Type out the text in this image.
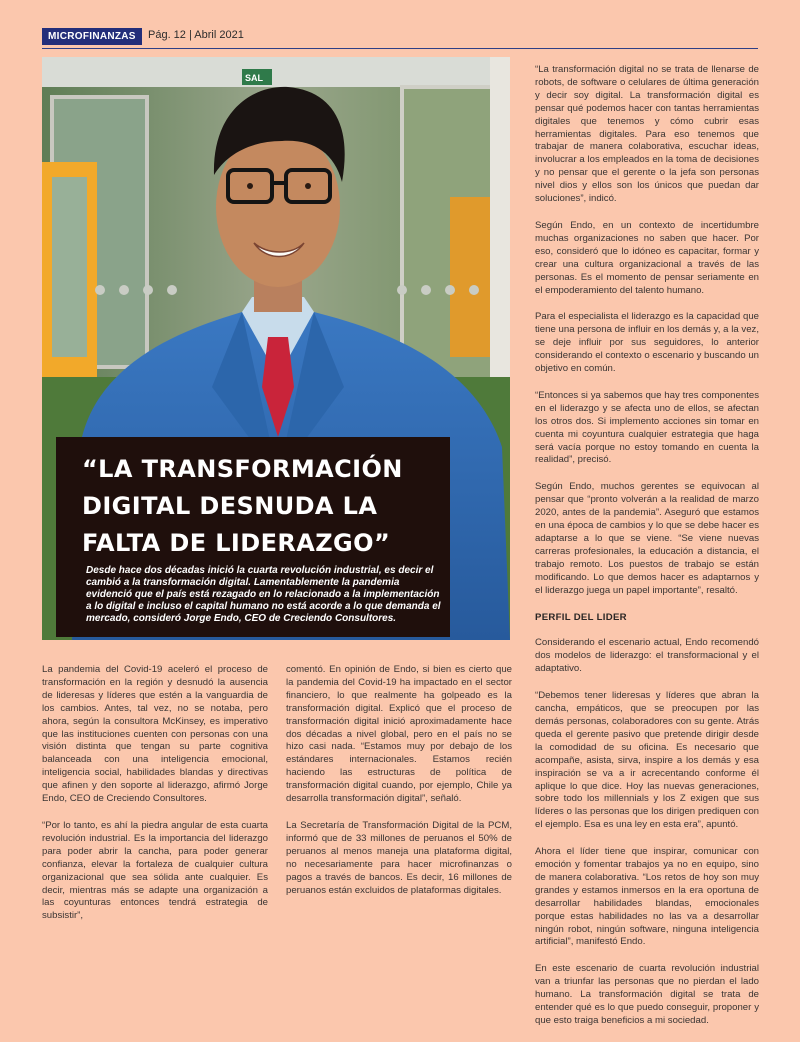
MICROFINANZAS	Pág. 12 | Abril 2021
SAL
“LA TRANSFORMACIÓN DIGITAL DESNUDA LA FALTA DE LIDERAZGO”

Desde hace dos décadas inició la cuarta revolución industrial, es decir el cambió a la transformación digital. Lamentablemente la pandemia evidenció que el país está rezagado en lo relacionado a la implementación a lo digital e incluso el capital humano no está acorde a lo que demanda el mercado, consideró Jorge Endo, CEO de Creciendo Consultores.

La pandemia del Covid-19 aceleró el proceso de transformación en la región y desnudó la ausencia de lideresas y líderes que estén a la vanguardia de los cambios. Antes, tal vez, no se notaba, pero ahora, según la consultora McKinsey, es imperativo que las instituciones cuenten con personas con una visión distinta que tengan su parte cognitiva balanceada con una inteligencia emocional, inteligencia social, habilidades blandas y directivas que afinen y den soporte al liderazgo, afirmó Jorge Endo, CEO de Creciendo Consultores.

“Por lo tanto, es ahí la piedra angular de esta cuarta revolución industrial. Es la importancia del liderazgo para poder abrir la cancha, para poder generar confianza, elevar la fortaleza de cualquier cultura organizacional que sea sólida ante cualquier. Es decir, mientras más se adapte una organización a las coyunturas entonces tendrá estrategia de subsistir”,

comentó. En opinión de Endo, si bien es cierto que la pandemia del Covid-19 ha impactado en el sector financiero, lo que realmente ha golpeado es la transformación digital. Explicó que el proceso de transformación digital inició aproximadamente hace dos décadas a nivel global, pero en el país no se hizo casi nada. “Estamos muy por debajo de los estándares internacionales. Estamos recién haciendo las estructuras de política de transformación digital cuando, por ejemplo, Chile ya desarrolla transformación digital”, señaló.

La Secretaría de Transformación Digital de la PCM, informó que de 33 millones de peruanos el 50% de peruanos al menos maneja una plataforma digital, no necesariamente para hacer microfinanzas o pagos a través de bancos. Es decir, 16 millones de peruanos están excluidos de plataformas digitales.

“La transformación digital no se trata de llenarse de robots, de software o celulares de última generación y decir soy digital. La transformación digital es pensar qué podemos hacer con tantas herramientas digitales que tenemos y cómo cubrir esas herramientas digitales. Para eso tenemos que trabajar de manera colaborativa, escuchar ideas, involucrar a los empleados en la toma de decisiones y no pensar que el gerente o la jefa son personas nivel dios y ellos son los únicos que puedan dar soluciones”, indicó.

Según Endo, en un contexto de incertidumbre muchas organizaciones no saben que hacer. Por eso, consideró que lo idóneo es capacitar, formar y crear una cultura organizacional a través de las personas. Es el momento de pensar seriamente en el empoderamiento del talento humano.

Para el especialista el liderazgo es la capacidad que tiene una persona de influir en los demás y, a la vez, se deje influir por sus seguidores, lo anterior considerando el contexto o escenario y buscando un objetivo en común.

“Entonces si ya sabemos que hay tres componentes en el liderazgo y se afecta uno de ellos, se afectan los otros dos. Si implemento acciones sin tomar en cuenta mi coyuntura cualquier estrategia que haga será vacía porque no estoy tomando en cuenta la realidad”, precisó.

Según Endo, muchos gerentes se equivocan al pensar que “pronto volverán a la realidad de marzo 2020, antes de la pandemia”. Aseguró que estamos en una época de cambios y lo que se debe hacer es adaptarse a lo que se viene. “Se viene nuevas carreras profesionales, la educación a distancia, el trabajo remoto. Los puestos de trabajo se están modificando. Lo que demos hacer es adaptarnos y el liderazgo juega un papel importante”, resaltó.

PERFIL DEL LIDER

Considerando el escenario actual, Endo recomendó dos modelos de liderazgo: el transformacional y el adaptativo.

“Debemos tener lideresas y líderes que abran la cancha, empáticos, que se preocupen por las demás personas, colaboradores con su gente. Atrás queda el gerente pasivo que pretende dirigir desde la comodidad de su oficina. Es necesario que acompañe, asista, sirva, inspire a los demás y esa inspiración se va a ir acrecentando conforme él aplique lo que dice. Hoy las nuevas generaciones, sobre todo los millennials y los Z exigen que sus líderes o las personas que los dirigen prediquen con el ejemplo. Esa es una ley en esta era”, apuntó.

Ahora el líder tiene que inspirar, comunicar con emoción y fomentar trabajos ya no en equipo, sino de manera colaborativa. “Los retos de hoy son muy grandes y estamos inmersos en la era oportuna de desarrollar habilidades blandas, emocionales porque estas habilidades no las va a desarrollar ningún robot, ningún software, ninguna inteligencia artificial”, manifestó Endo.

En este escenario de cuarta revolución industrial van a triunfar las personas que no pierdan el lado humano. La transformación digital se trata de entender qué es lo que puedo conseguir, proponer y que esto traiga beneficios a mi sociedad.
